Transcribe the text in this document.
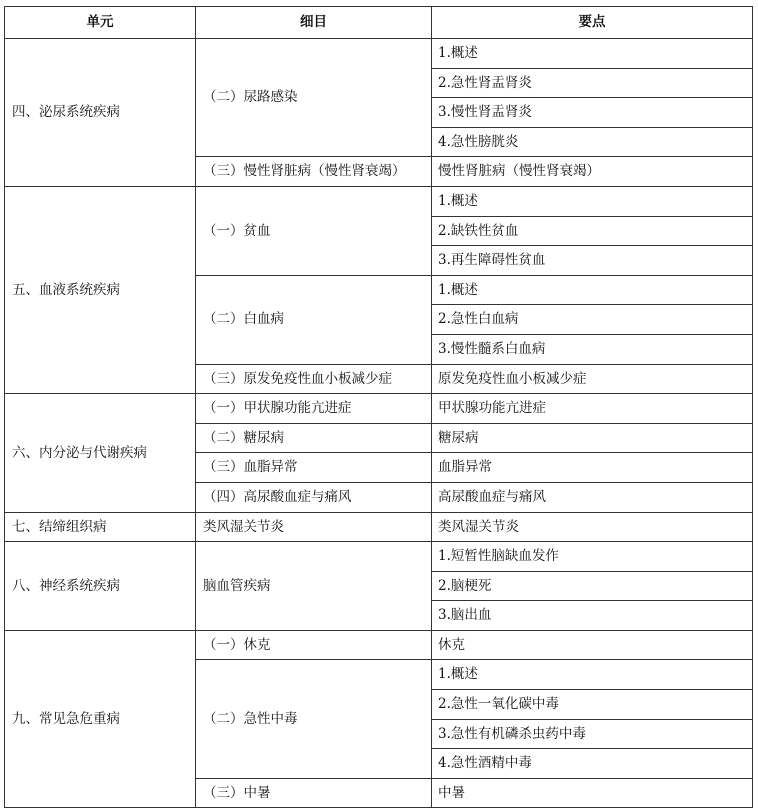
单元	细目	要点
四、泌尿系统疾病	（二）尿路感染	1.概述
		2.急性肾盂肾炎
		3.慢性肾盂肾炎
		4.急性膀胱炎
	（三）慢性肾脏病（慢性肾衰竭）	慢性肾脏病（慢性肾衰竭）
五、血液系统疾病	（一）贫血	1.概述
		2.缺铁性贫血
		3.再生障碍性贫血
	（二）白血病	1.概述
		2.急性白血病
		3.慢性髓系白血病
	（三）原发免疫性血小板减少症	原发免疫性血小板减少症
六、内分泌与代谢疾病	（一）甲状腺功能亢进症	甲状腺功能亢进症
	（二）糖尿病	糖尿病
	（三）血脂异常	血脂异常
	（四）高尿酸血症与痛风	高尿酸血症与痛风
七、结缔组织病	类风湿关节炎	类风湿关节炎
八、神经系统疾病	脑血管疾病	1.短暂性脑缺血发作
		2.脑梗死
		3.脑出血
九、常见急危重病	（一）休克	休克
	（二）急性中毒	1.概述
		2.急性一氧化碳中毒
		3.急性有机磷杀虫药中毒
		4.急性酒精中毒
	（三）中暑	中暑
